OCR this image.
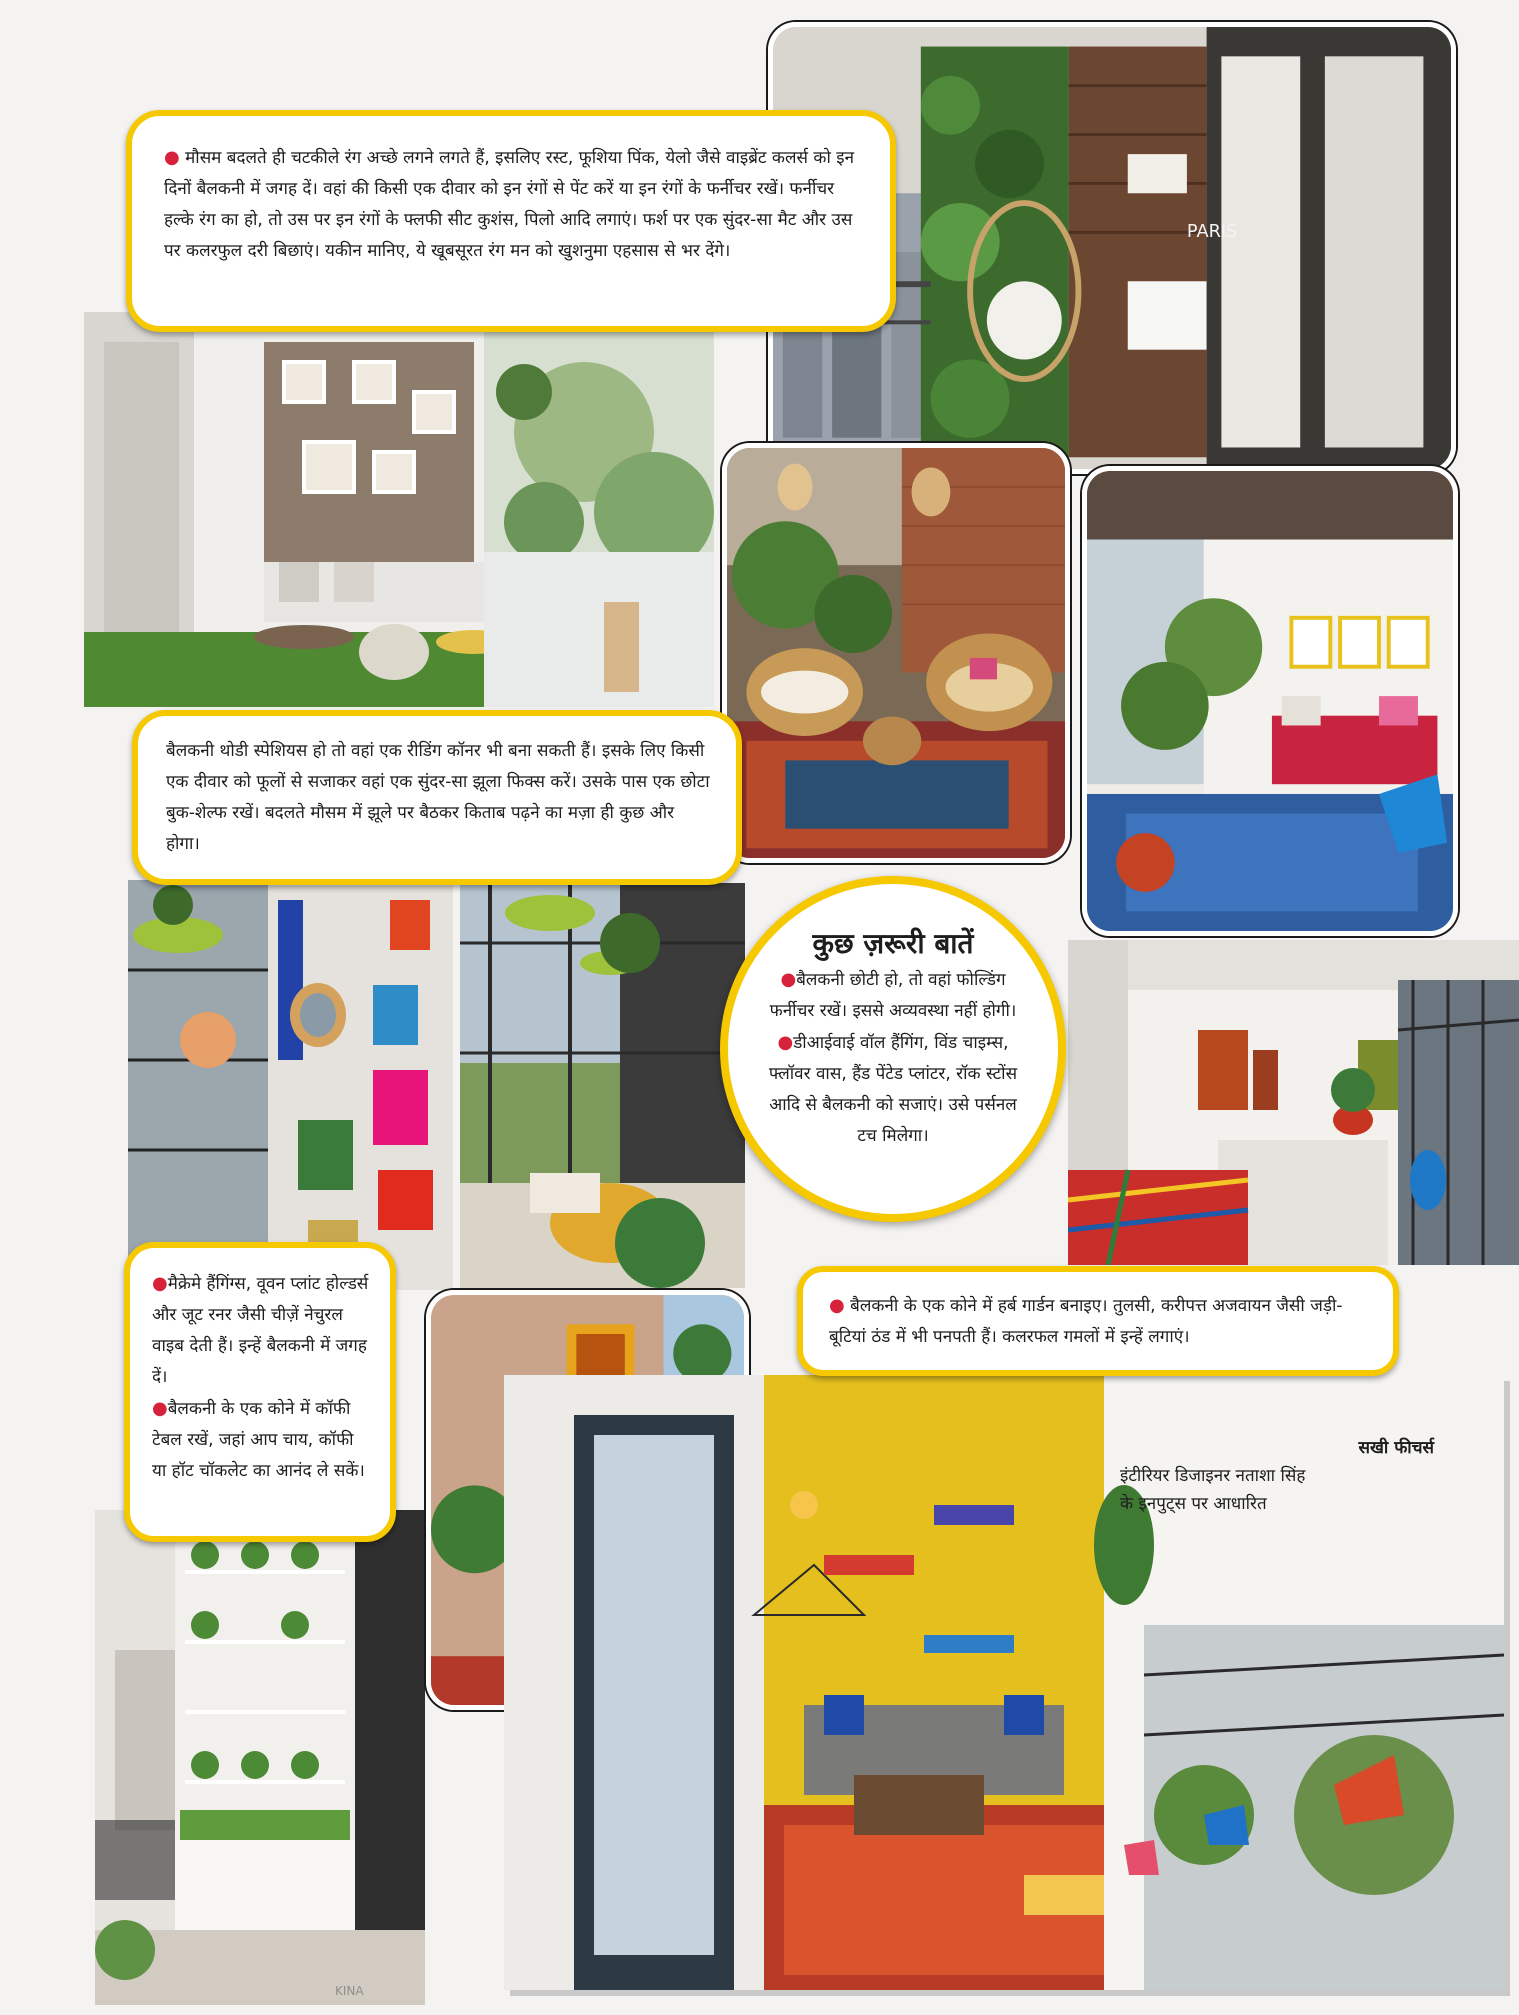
PARIS
KINA
● मौसम बदलते ही चटकीले रंग अच्छे लगने लगते हैं, इसलिए रस्ट, फूशिया पिंक, येलो जैसे वाइब्रेंट कलर्स को इन दिनों बैलकनी में जगह दें। वहां की किसी एक दीवार को इन रंगों से पेंट करें या इन रंगों के फर्नीचर रखें। फर्नीचर हल्के रंग का हो, तो उस पर इन रंगों के फ्लफी सीट कुशंस, पिलो आदि लगाएं। फर्श पर एक सुंदर-सा मैट और उस पर कलरफुल दरी बिछाएं। यकीन मानिए, ये खूबसूरत रंग मन को खुशनुमा एहसास से भर देंगे।
बैलकनी थोडी स्पेशियस हो तो वहां एक रीडिंग कॉनर भी बना सकती हैं। इसके लिए किसी एक दीवार को फूलों से सजाकर वहां एक सुंदर-सा झूला फिक्स करें। उसके पास एक छोटा बुक-शेल्फ रखें। बदलते मौसम में झूले पर बैठकर किताब पढ़ने का मज़ा ही कुछ और होगा।
कुछ ज़रूरी बातें
●बैलकनी छोटी हो, तो वहां फोल्डिंग फर्नीचर रखें। इससे अव्यवस्था नहीं होगी।
●डीआईवाई वॉल हैंगिंग, विंड चाइम्स, फ्लॉवर वास, हैंड पेंटेड प्लांटर, रॉक स्टोंस आदि से बैलकनी को सजाएं। उसे पर्सनल टच मिलेगा।
●मैक्रेमे हैंगिंग्स, वूवन प्लांट होल्डर्स और जूट रनर जैसी चीज़ें नेचुरल वाइब देती हैं। इन्हें बैलकनी में जगह दें।
●बैलकनी के एक कोने में कॉफी टेबल रखें, जहां आप चाय, कॉफी या हॉट चॉकलेट का आनंद ले सकें।
● बैलकनी के एक कोने में हर्ब गार्डन बनाइए। तुलसी, करीपत्त अजवायन जैसी जड़ी-बूटियां ठंड में भी पनपती हैं। कलरफल गमलों में इन्हें लगाएं।
सखी फीचर्स
इंटीरियर डिजाइनर नताशा सिंह
के इनपुट्स पर आधारित
